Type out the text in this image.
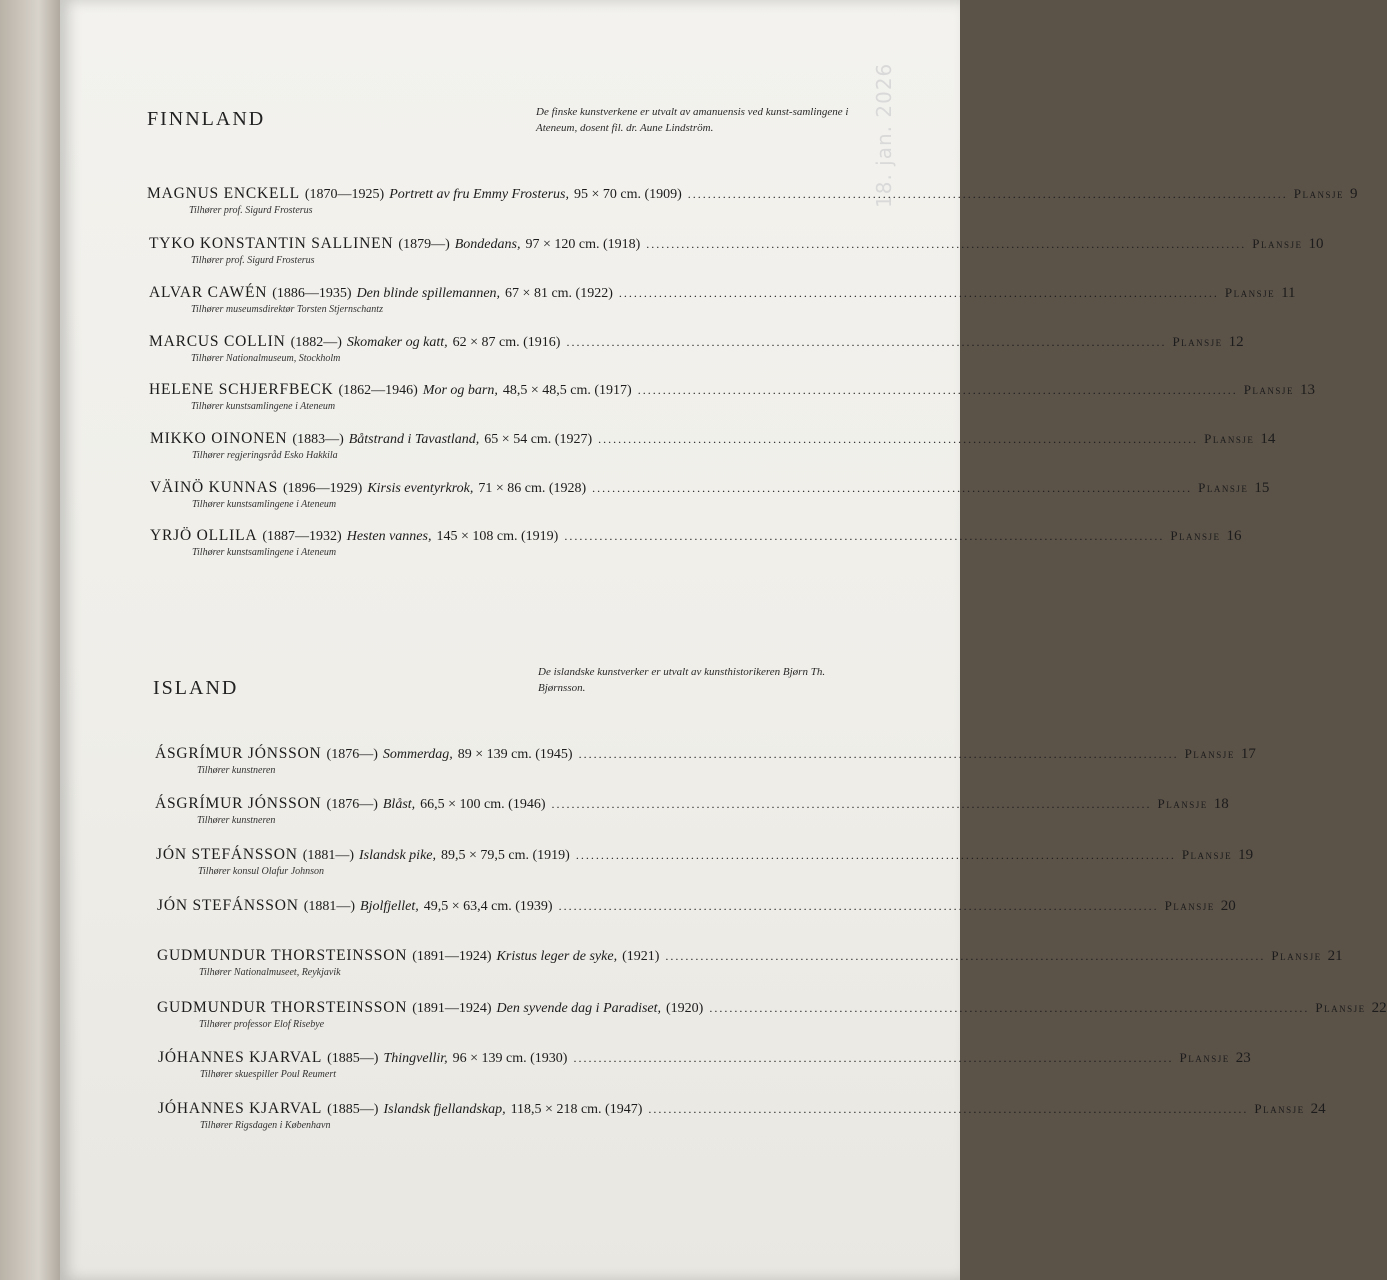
18. jan. 2026
FINNLAND	De finske kunstverkene er utvalt av amanuensis ved kunst-samlingene i Ateneum, dosent fil. dr. Aune Lindström.
MAGNUS ENCKELL (1870—1925) Portrett av fru Emmy Frosterus, 95 × 70 cm. (1909) ........................................................................................................................ Plansje 9
Tilhører prof. Sigurd Frosterus
TYKO KONSTANTIN SALLINEN (1879—) Bondedans, 97 × 120 cm. (1918) ........................................................................................................................ Plansje 10
Tilhører prof. Sigurd Frosterus
ALVAR CAWÉN (1886—1935) Den blinde spillemannen, 67 × 81 cm. (1922) ........................................................................................................................ Plansje 11
Tilhører museumsdirektør Torsten Stjernschantz
MARCUS COLLIN (1882—) Skomaker og katt, 62 × 87 cm. (1916) ........................................................................................................................ Plansje 12
Tilhører Nationalmuseum, Stockholm
HELENE SCHJERFBECK (1862—1946) Mor og barn, 48,5 × 48,5 cm. (1917) ........................................................................................................................ Plansje 13
Tilhører kunstsamlingene i Ateneum
MIKKO OINONEN (1883—) Båtstrand i Tavastland, 65 × 54 cm. (1927) ........................................................................................................................ Plansje 14
Tilhører regjeringsråd Esko Hakkila
VÄINÖ KUNNAS (1896—1929) Kirsis eventyrkrok, 71 × 86 cm. (1928) ........................................................................................................................ Plansje 15
Tilhører kunstsamlingene i Ateneum
YRJÖ OLLILA (1887—1932) Hesten vannes, 145 × 108 cm. (1919) ........................................................................................................................ Plansje 16
Tilhører kunstsamlingene i Ateneum
ISLAND
De islandske kunstverker er utvalt av kunsthistorikeren Bjørn Th. Bjørnsson.
ÁSGRÍMUR JÓNSSON (1876—) Sommerdag, 89 × 139 cm. (1945) ........................................................................................................................ Plansje 17
Tilhører kunstneren
ÁSGRÍMUR JÓNSSON (1876—) Blåst, 66,5 × 100 cm. (1946) ........................................................................................................................ Plansje 18
Tilhører kunstneren
JÓN STEFÁNSSON (1881—) Islandsk pike, 89,5 × 79,5 cm. (1919) ........................................................................................................................ Plansje 19
Tilhører konsul Olafur Johnson
JÓN STEFÁNSSON (1881—) Bjolfjellet, 49,5 × 63,4 cm. (1939) ........................................................................................................................ Plansje 20
GUDMUNDUR THORSTEINSSON (1891—1924) Kristus leger de syke, (1921) ........................................................................................................................ Plansje 21
Tilhører Nationalmuseet, Reykjavik
GUDMUNDUR THORSTEINSSON (1891—1924) Den syvende dag i Paradiset, (1920) ........................................................................................................................ Plansje 22
Tilhører professor Elof Risebye
JÓHANNES KJARVAL (1885—) Thingvellir, 96 × 139 cm. (1930) ........................................................................................................................ Plansje 23
Tilhører skuespiller Poul Reumert
JÓHANNES KJARVAL (1885—) Islandsk fjellandskap, 118,5 × 218 cm. (1947) ........................................................................................................................ Plansje 24
Tilhører Rigsdagen i København
